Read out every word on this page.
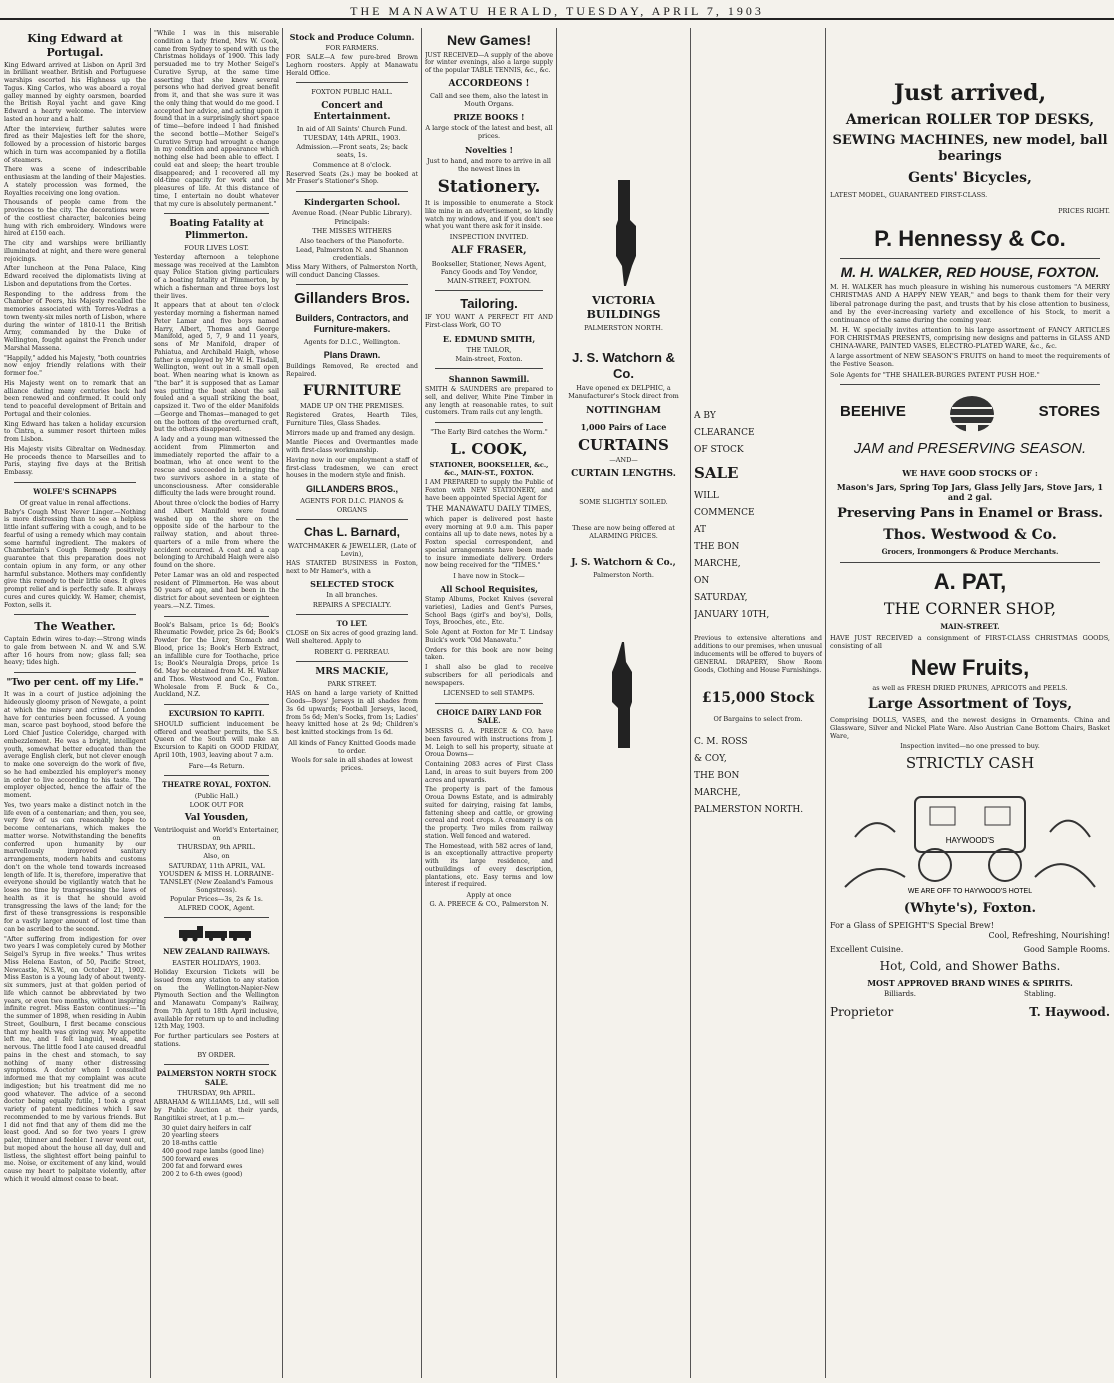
THE MANAWATU HERALD, TUESDAY, APRIL 7, 1903
King Edward at Portugal.

King Edward arrived at Lisbon on April 3rd in brilliant weather. British and Portuguese warships escorted his Highness up the Tagus. King Carlos, who was aboard a royal galley manned by eighty oarsmen, boarded the British Royal yacht and gave King Edward a hearty welcome. The interview lasted an hour and a half.

After the interview, further salutes were fired as their Majesties left for the shore, followed by a procession of historic barges which in turn was accompanied by a flotilla of steamers.

There was a scene of indescribable enthusiasm at the landing of their Majesties. A stately procession was formed, the Royalties receiving one long ovation.

Thousands of people came from the provinces to the city. The decorations were of the costliest character, balconies being hung with rich embroidery. Windows were hired at £150 each.

The city and warships were brilliantly illuminated at night, and there were general rejoicings.

After luncheon at the Pena Palace, King Edward received the diplomatists living at Lisbon and deputations from the Cortes.

Responding to the address from the Chamber of Peers, his Majesty recalled the memories associated with Torres-Vedras a town twenty-six miles north of Lisbon, where during the winter of 1810-11 the British Army, commanded by the Duke of Wellington, fought against the French under Marshal Massena.

"Happily," added his Majesty, "both countries now enjoy friendly relations with their former foe."

His Majesty went on to remark that an alliance dating many centuries back had been renewed and confirmed. It could only tend to peaceful development of Britain and Portugal and their colonies.

King Edward has taken a holiday excursion to Cintra, a summer resort thirteen miles from Lisbon.

His Majesty visits Gibraltar on Wednesday. He proceeds thence to Marseilles and to Paris, staying five days at the British Embassy.

WOLFE'S SCHNAPPS
Of great value in renal affections.

Baby's Cough Must Never Linger.—Nothing is more distressing than to see a helpless little infant suffering with a cough, and to be fearful of using a remedy which may contain some harmful ingredient. The makers of Chamberlain's Cough Remedy positively guarantee that this preparation does not contain opium in any form, or any other harmful substance. Mothers may confidently give this remedy to their little ones. It gives prompt relief and is perfectly safe. It always cures and cures quickly. W. Hamer, chemist, Foxton, sells it.

The Weather.

Captain Edwin wires to-day:—Strong winds to gale from between N. and W. and S.W. after 16 hours from now; glass fall; sea heavy; tides high.

"Two per cent. off my Life."

It was in a court of justice adjoining the hideously gloomy prison of Newgate, a point at which the misery and crime of London have for centuries been focussed. A young man, scarce past boyhood, stood before the Lord Chief Justice Coleridge, charged with embezzlement. He was a bright, intelligent youth, somewhat better educated than the average English clerk, but not clever enough to make one sovereign do the work of five, so he had embezzled his employer's money in order to live according to his taste. The employer objected, hence the affair of the moment.

Yes, two years make a distinct notch in the life even of a centenarian; and then, you see, very few of us can reasonably hope to become centenarians, which makes the matter worse. Notwithstanding the benefits conferred upon humanity by our marvellously improved sanitary arrangements, modern habits and customs don't on the whole tend towards increased length of life. It is, therefore, imperative that everyone should be vigilantly watch that he loses no time by transgressing the laws of health as it is that he should avoid transgressing the laws of the land; for the first of these transgressions is responsible for a vastly larger amount of lost time than can be ascribed to the second.

"After suffering from indigestion for over two years I was completely cured by Mother Seigel's Syrup in five weeks." Thus writes Miss Helena Easton, of 50, Pacific Street, Newcastle, N.S.W., on October 21, 1902. Miss Easton is a young lady of about twenty-six summers, just at that golden period of life which cannot be abbreviated by two years, or even two months, without inspiring infinite regret. Miss Easton continues:—"In the summer of 1898, when residing in Aubin Street, Goulburn, I first became conscious that my health was giving way. My appetite left me, and I felt languid, weak, and nervous. The little food I ate caused dreadful pains in the chest and stomach, to say nothing of many other distressing symptoms. A doctor whom I consulted informed me that my complaint was acute indigestion; but his treatment did me no good whatever. The advice of a second doctor being equally futile, I took a great variety of patent medicines which I saw recommended to me by various friends. But I did not find that any of them did me the least good. And so for two years I grew paler, thinner and feebler. I never went out, but moped about the house all day, dull and listless, the slightest effort being painful to me. Noise, or excitement of any kind, would cause my heart to palpitate violently, after which it would almost cease to beat.

"While I was in this miserable condition a lady friend, Mrs W. Cook, came from Sydney to spend with us the Christmas holidays of 1900. This lady persuaded me to try Mother Seigel's Curative Syrup, at the same time asserting that she knew several persons who had derived great benefit from it, and that she was sure it was the only thing that would do me good. I accepted her advice, and acting upon it found that in a surprisingly short space of time—before indeed I had finished the second bottle—Mother Seigel's Curative Syrup had wrought a change in my condition and appearance which nothing else had been able to effect. I could eat and sleep; the heart trouble disappeared; and I recovered all my old-time capacity for work and the pleasures of life. At this distance of time, I entertain no doubt whatever that my cure is absolutely permanent."

Boating Fatality at Plimmerton.
FOUR LIVES LOST.

Yesterday afternoon a telephone message was received at the Lambton quay Police Station giving particulars of a boating fatality at Plimmerton, by which a fisherman and three boys lost their lives.

It appears that at about ten o'clock yesterday morning a fisherman named Peter Lamar and five boys named Harry, Albert, Thomas and George Manifold, aged 5, 7, 9 and 11 years, sons of Mr Manifold, draper of Pahiatua, and Archibald Haigh, whose father is employed by Mr W. H. Tisdall, Wellington, went out in a small open boat. When nearing what is known as "the bar" it is supposed that as Lamar was putting the boat about the sail fouled and a squall striking the boat, capsized it. Two of the elder Manifolds—George and Thomas—managed to get on the bottom of the overturned craft, but the others disappeared.

A lady and a young man witnessed the accident from Plimmerton and immediately reported the affair to a boatman, who at once went to the rescue and succeeded in bringing the two survivors ashore in a state of unconsciousness. After considerable difficulty the lads were brought round.

About three o'clock the bodies of Harry and Albert Manifold were found washed up on the shore on the opposite side of the harbour to the railway station, and about three-quarters of a mile from where the accident occurred. A coat and a cap belonging to Archibald Haigh were also found on the shore.

Peter Lamar was an old and respected resident of Plimmerton. He was about 50 years of age, and had been in the district for about seventeen or eighteen years.—N.Z. Times.

Book's Balsam, price 1s 6d; Book's Rheumatic Powder, price 2s 6d; Book's Powder for the Liver, Stomach and Blood, price 1s; Book's Herb Extract, an infallible cure for Toothache, price 1s; Book's Neuralgia Drops, price 1s 6d. May be obtained from M. H. Walker and Thos. Westwood and Co., Foxton. Wholesale from F. Buck & Co., Auckland, N.Z.

EXCURSION TO KAPITI.

SHOULD sufficient inducement be offered and weather permits, the S.S. Queen of the South will make an Excursion to Kapiti on GOOD FRIDAY, April 10th, 1903, leaving about 7 a.m.

Fare—4s Return.
THEATRE ROYAL, FOXTON.
(Public Hall.)
LOOK OUT FOR
Val Yousden,
Ventriloquist and World's Entertainer, on
THURSDAY, 9th APRIL.
Also, on
SATURDAY, 11th APRIL, VAL YOUSDEN & MISS H. LORRAINE-TANSLEY (New Zealand's Famous Songstress).
Popular Prices—3s, 2s & 1s.
ALFRED COOK, Agent.
NEW ZEALAND RAILWAYS.
EASTER HOLIDAYS, 1903.

Holiday Excursion Tickets will be issued from any station to any station on the Wellington-Napier-New Plymouth Section and the Wellington and Manawatu Company's Railway, from 7th April to 18th April inclusive, available for return up to and including 12th May, 1903.

For further particulars see Posters at stations.

BY ORDER.
PALMERSTON NORTH STOCK SALE.
THURSDAY, 9th APRIL.

ABRAHAM & WILLIAMS, Ltd., will sell by Public Auction at their yards, Rangitikei street, at 1 p.m.—

30 quiet dairy heifers in calf
20 yearling steers
20 18-mths cattle
400 good rape lambs (good line)
500 forward ewes
200 fat and forward ewes
200 2 to 6-th ewes (good)
Stock and Produce Column.
FOR FARMERS.

FOR SALE—A few pure-bred Brown Leghorn roosters. Apply at Manawatu Herald Office.

FOXTON PUBLIC HALL.
Concert and Entertainment.
In aid of All Saints' Church Fund.
TUESDAY, 14th APRIL, 1903.
Admission.—Front seats, 2s; back seats, 1s.
Commence at 8 o'clock.

Reserved Seats (2s.) may be booked at Mr Fraser's Stationer's Shop.

Kindergarten School.
Avenue Road. (Near Public Library).
Principals:
THE MISSES WITHERS
Also teachers of the Pianoforte.
Lead, Palmerston N. and Shannon credentials.

Miss Mary Withers, of Palmerston North, will conduct Dancing Classes.

Gillanders Bros.
Builders, Contractors, and Furniture-makers.
Agents for D.I.C., Wellington.
Plans Drawn.

Buildings Removed, Re erected and Repaired.

FURNITURE
MADE UP ON THE PREMISES.

Registered Grates, Hearth Tiles, Furniture Tiles, Glass Shades.

Mirrors made up and framed any design.

Mantle Pieces and Overmantles made with first-class workmanship.

Having now in our employment a staff of first-class tradesmen, we can erect houses in the modern style and finish.

GILLANDERS BROS.,
AGENTS FOR D.I.C. PIANOS & ORGANS
Chas L. Barnard,
WATCHMAKER & JEWELLER, (Late of Levin),

HAS STARTED BUSINESS in Foxton, next to Mr Hamer's, with a

SELECTED STOCK
In all branches.
REPAIRS A SPECIALTY.
TO LET.

CLOSE on Six acres of good grazing land. Well sheltered. Apply to

ROBERT G. PERREAU.
MRS MACKIE,
PARK STREET.

HAS on hand a large variety of Knitted Goods—Boys' Jerseys in all shades from 3s 6d upwards; Football Jerseys, laced, from 5s 6d; Men's Socks, from 1s; Ladies' heavy knitted hose at 2s 9d; Children's best knitted stockings from 1s 6d.

All kinds of Fancy Knitted Goods made to order.
Wools for sale in all shades at lowest prices.
New Games!

JUST RECEIVED—A supply of the above for winter evenings, also a large supply of the popular TABLE TENNIS, &c., &c.

ACCORDEONS !
Call and see them, also the latest in Mouth Organs.
PRIZE BOOKS !
A large stock of the latest and best, all prices.
Novelties !
Just to hand, and more to arrive in all the newest lines in
Stationery.

It is impossible to enumerate a Stock like mine in an advertisement, so kindly watch my windows, and if you don't see what you want there ask for it inside.

INSPECTION INVITED.
ALF FRASER,
Bookseller, Stationer, News Agent, Fancy Goods and Toy Vendor,
MAIN-STREET, FOXTON.
Tailoring.

IF YOU WANT A PERFECT FIT AND First-class Work, GO TO

E. EDMUND SMITH,
THE TAILOR,
Main-street, Foxton.
Shannon Sawmill.

SMITH & SAUNDERS are prepared to sell, and deliver, White Pine Timber in any length at reasonable rates, to suit customers. Tram rails cut any length.

"The Early Bird catches the Worm."
L. COOK,
STATIONER, BOOKSELLER, &c., &c., MAIN-ST., FOXTON.

I AM PREPARED to supply the Public of Foxton with NEW STATIONERY, and have been appointed Special Agent for

THE MANAWATU DAILY TIMES,

which paper is delivered post haste every morning at 9.0 a.m. This paper contains all up to date news, notes by a Foxton special correspondent, and special arrangements have been made to insure immediate delivery. Orders now being received for the "TIMES."

I have now in Stock—
All School Requisites,

Stamp Albums, Pocket Knives (several varieties), Ladies and Gent's Purses, School Bags (girl's and boy's), Dolls, Toys, Brooches, etc., Etc.

Sole Agent at Foxton for Mr T. Lindsay Buick's work "Old Manawatu."

Orders for this book are now being taken.

I shall also be glad to receive subscribers for all periodicals and newspapers.

LICENSED to sell STAMPS.
CHOICE DAIRY LAND FOR SALE.

MESSRS G. A. PREECE & CO. have been favoured with instructions from J. M. Leigh to sell his property, situate at Oroua Downs—

Containing 2083 acres of First Class Land, in areas to suit buyers from 200 acres and upwards.

The property is part of the famous Oroua Downs Estate, and is admirably suited for dairying, raising fat lambs, fattening sheep and cattle, or growing cereal and root crops. A creamery is on the property. Two miles from railway station. Well fenced and watered.

The Homestead, with 582 acres of land, is an exceptionally attractive property with its large residence, and outbuildings of every description, plantations, etc. Easy terms and low interest if required.

Apply at once
G. A. PREECE & CO., Palmerston N.
VICTORIA BUILDINGS
PALMERSTON NORTH.
J. S. Watchorn & Co.
Have opened ex DELPHIC, a Manufacturer's Stock direct from
NOTTINGHAM
1,000 Pairs of Lace
CURTAINS
—AND—
CURTAIN LENGTHS.
SOME SLIGHTLY SOILED.
These are now being offered at ALARMING PRICES.
J. S. Watchorn & Co.,
Palmerston North.
A BY
CLEARANCE
OF STOCK
SALE
WILL
COMMENCE
AT
THE BON
MARCHE,
ON
SATURDAY,
JANUARY 10TH,

Previous to extensive alterations and additions to our premises, when unusual inducements will be offered to buyers of GENERAL DRAPERY, Show Room Goods, Clothing and House Furnishings.

£15,000 Stock
Of Bargains to select from.
C. M. ROSS
& COY,
THE BON
MARCHE,
PALMERSTON NORTH.
Just arrived,
American ROLLER TOP DESKS,
SEWING MACHINES, new model, ball bearings
Gents' Bicycles,
LATEST MODEL, GUARANTEED FIRST-CLASS.
PRICES RIGHT.
P. Hennessy & Co.
M. H. WALKER, RED HOUSE, FOXTON.

M. H. WALKER has much pleasure in wishing his numerous customers "A MERRY CHRISTMAS AND A HAPPY NEW YEAR," and begs to thank them for their very liberal patronage during the past, and trusts that by his close attention to business, and by the ever-increasing variety and excellence of his Stock, to merit a continuance of the same during the coming year.

M. H. W. specially invites attention to his large assortment of FANCY ARTICLES FOR CHRISTMAS PRESENTS, comprising new designs and patterns in GLASS AND CHINA-WARE, PAINTED VASES, ELECTRO-PLATED WARE, &c., &c.

A large assortment of NEW SEASON'S FRUITS on hand to meet the requirements of the Festive Season.

Sole Agents for "THE SHAILER-BURGES PATENT PUSH HOE."

BEEHIVE	STORES
JAM and PRESERVING SEASON.
WE HAVE GOOD STOCKS OF :
Mason's Jars, Spring Top Jars, Glass Jelly Jars, Stove Jars, 1 and 2 gal.
Preserving Pans in Enamel or Brass.
Thos. Westwood & Co.
Grocers, Ironmongers & Produce Merchants.
A. PAT,
THE CORNER SHOP,
MAIN-STREET.

HAVE JUST RECEIVED a consignment of FIRST-CLASS CHRISTMAS GOODS, consisting of all

New Fruits,
as well as FRESH DRIED PRUNES, APRICOTS and PEELS.
Large Assortment of Toys,

Comprising DOLLS, VASES, and the newest designs in Ornaments. China and Glassware, Silver and Nickel Plate Ware. Also Austrian Cane Bottom Chairs, Basket Ware,

Inspection invited—no one pressed to buy.
STRICTLY CASH
HAYWOOD'S
WE ARE OFF TO HAYWOOD'S HOTEL
(Whyte's), Foxton.
For a Glass of SPEIGHT'S Special Brew!
Cool, Refreshing, Nourishing!
Excellent Cuisine.	Good Sample Rooms.
Hot, Cold, and Shower Baths.
MOST APPROVED BRAND WINES & SPIRITS.
Billiards.	Stabling.
Proprietor	T. Haywood.
